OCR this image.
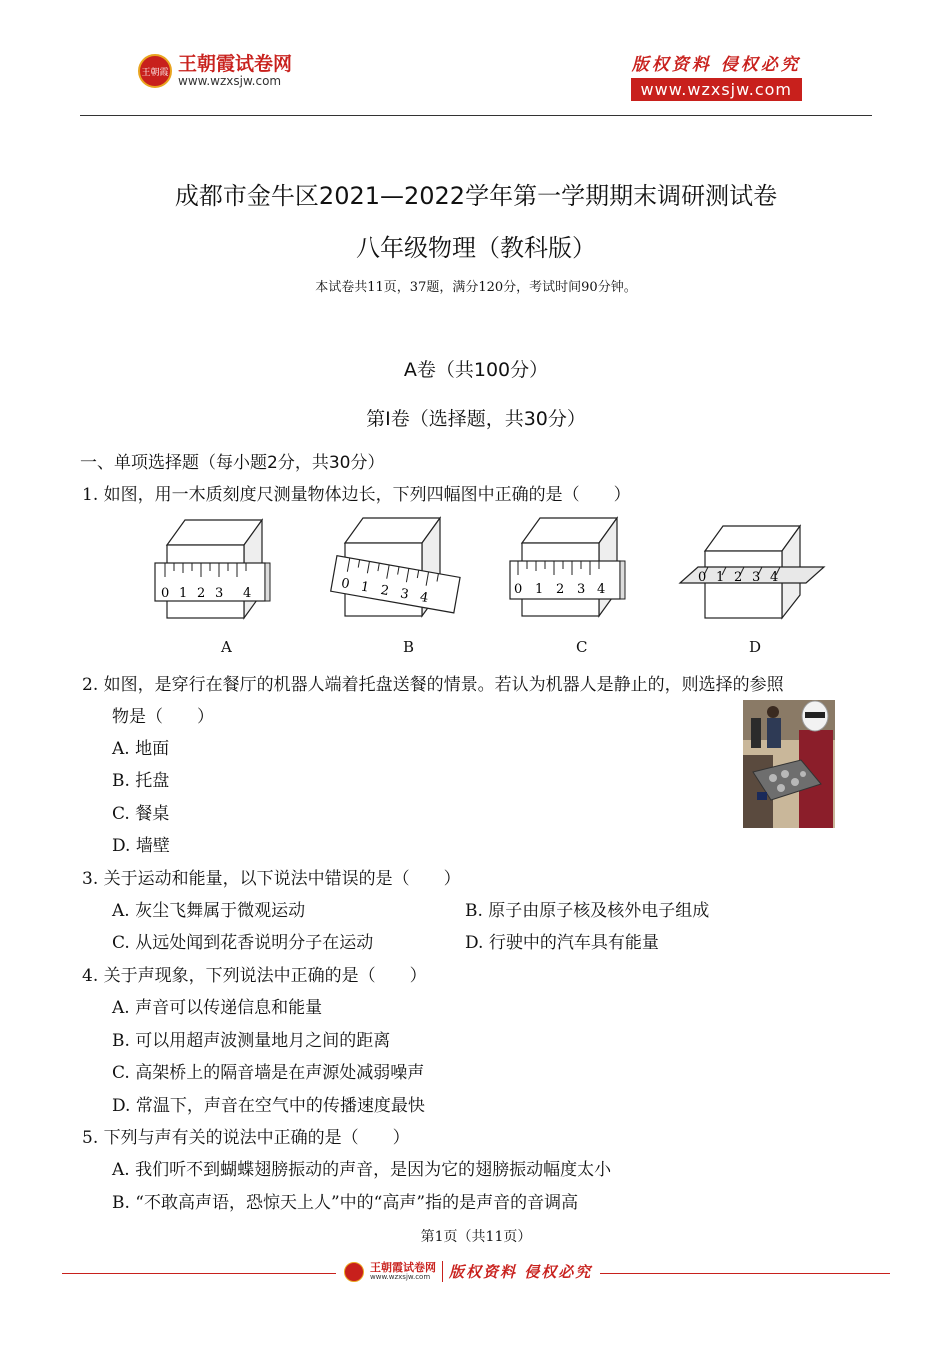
王朝霞 王朝霞试卷网
www.wzxsjw.com
版权资料 侵权必究
www.wzxsjw.com
成都市金牛区2021—2022学年第一学期期末调研测试卷
八年级物理（教科版）
本试卷共11页，37题，满分120分，考试时间90分钟。
A卷（共100分）
第Ⅰ卷（选择题，共30分）
一、单项选择题（每小题2分，共30分）
1. 如图，用一木质刻度尺测量物体边长，下列四幅图中正确的是（　　）
0 1 2 3 4
0 1 2 3 4
0 1 2 3 4
0 1 2 3 4
A	B	C	D
2. 如图，是穿行在餐厅的机器人端着托盘送餐的情景。若认为机器人是静止的，则选择的参照
物是（　　）
A. 地面
B. 托盘
C. 餐桌
D. 墙壁
3. 关于运动和能量，以下说法中错误的是（　　）
A. 灰尘飞舞属于微观运动	B. 原子由原子核及核外电子组成
C. 从远处闻到花香说明分子在运动	D. 行驶中的汽车具有能量
4. 关于声现象，下列说法中正确的是（　　）
A. 声音可以传递信息和能量
B. 可以用超声波测量地月之间的距离
C. 高架桥上的隔音墙是在声源处减弱噪声
D. 常温下，声音在空气中的传播速度最快
5. 下列与声有关的说法中正确的是（　　）
A. 我们听不到蝴蝶翅膀振动的声音，是因为它的翅膀振动幅度太小
B. “不敢高声语，恐惊天上人”中的“高声”指的是声音的音调高
第1页（共11页）
王朝霞试卷网
www.wzxsjw.com	版权资料 侵权必究
